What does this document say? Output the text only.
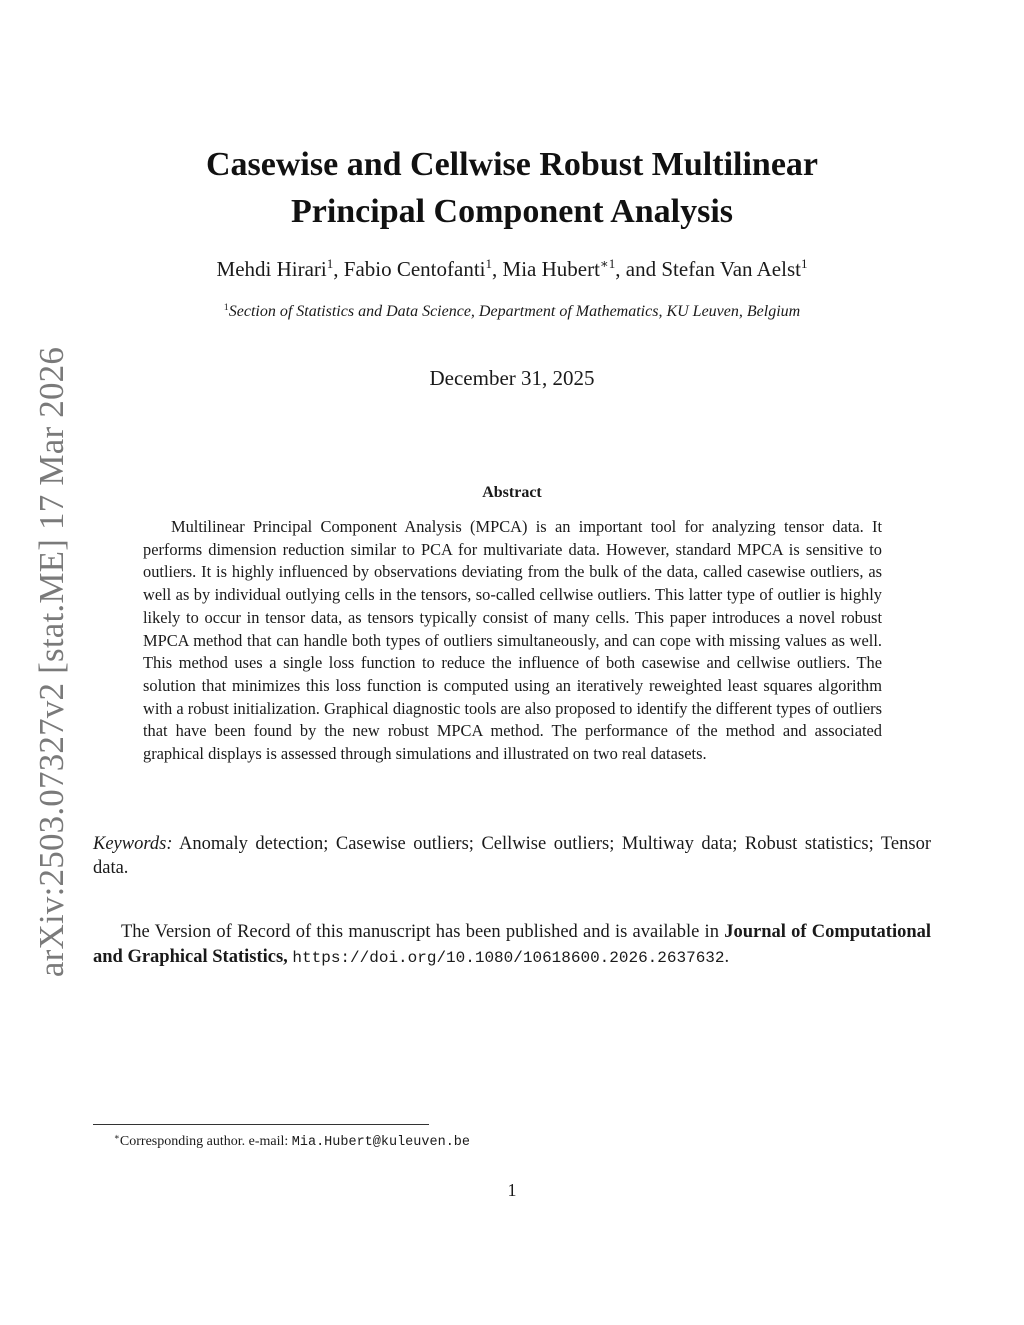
arXiv:2503.07327v2 [stat.ME] 17 Mar 2026
Casewise and Cellwise Robust Multilinear
Principal Component Analysis
Mehdi Hirari$^1$, Fabio Centofanti$^1$, Mia Hubert$^{∗1}$, and Stefan Van Aelst$^1$
$^1$Section of Statistics and Data Science, Department of Mathematics, KU Leuven, Belgium
December 31, 2025
Abstract

Multilinear Principal Component Analysis (MPCA) is an important tool for analyzing tensor data. It performs dimension reduction similar to PCA for multivariate data. However, standard MPCA is sensitive to outliers. It is highly influenced by observations deviating from the bulk of the data, called casewise outliers, as well as by individual outlying cells in the tensors, so-called cellwise outliers. This latter type of outlier is highly likely to occur in tensor data, as tensors typically consist of many cells. This paper introduces a novel robust MPCA method that can handle both types of outliers simultaneously, and can cope with missing values as well. This method uses a single loss function to reduce the influence of both casewise and cellwise outliers. The solution that minimizes this loss function is computed using an iteratively reweighted least squares algorithm with a robust initialization. Graphical diagnostic tools are also proposed to identify the different types of outliers that have been found by the new robust MPCA method. The performance of the method and associated graphical displays is assessed through simulations and illustrated on two real datasets.

Keywords: Anomaly detection; Casewise outliers; Cellwise outliers; Multiway data; Robust statistics; Tensor data.
The Version of Record of this manuscript has been published and is available in Journal of Computational and Graphical Statistics, https://doi.org/10.1080/10618600.2026.2637632.
∗Corresponding author. e-mail: Mia.Hubert@kuleuven.be
1
